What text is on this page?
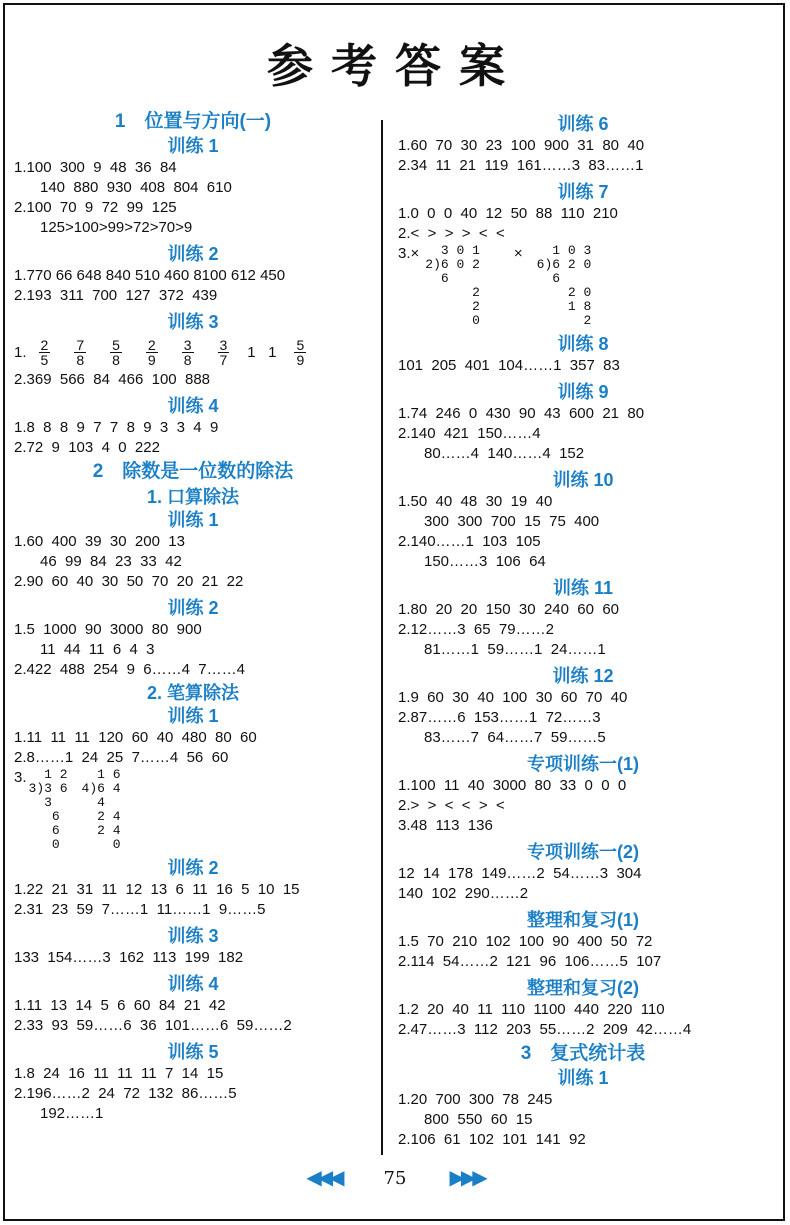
参考答案
1　位置与方向(一)
训练 1
1.100  300  9  48  36  84
140  880  930  408  804  610
2.100  70  9  72  99  125
125>100>99>72>70>9
训练 2
1.770 66 648 840 510 460 8100 612 450
2.193  311  700  127  372  439
训练 3
1. $\frac{2}{5} \frac{7}{8} \frac{5}{8} \frac{2}{9} \frac{3}{8} \frac{3}{7} 1$   $1 \frac{5}{9}$
2.369  566  84  466  100  888
训练 4
1.8  8  8  9  7  7  8  9  3  3  4  9
2.72  9  103  4  0  222
2　除数是一位数的除法
1. 口算除法
训练 1
1.60  400  39  30  200  13
46  99  84  23  33  42
2.90  60  40  30  50  70  20  21  22
训练 2
1.5  1000  90  3000  80  900
11  44  11  6  4  3
2.422  488  254  9  6……4  7……4
2. 笔算除法
训练 1
1.11  11  11  120  60  40  480  80  60
2.8……1  24  25  7……4  56  60
3.	1 2
3)3 6
3
6
6
0
1 6
4)6 4
4
2 4
2 4
0
训练 2
1.22  21  31  11  12  13  6  11  16  5  10  15
2.31  23  59  7……1  11……1  9……5
训练 3
133  154……3  162  113  199  182
训练 4
1.11  13  14  5  6  60  84  21  42
2.33  93  59……6  36  101……6  59……2
训练 5
1.8  24  16  11  11  11  7  14  15
2.196……2  24  72  132  86……5
192……1
训练 6
1.60  70  30  23  100  900  31  80  40
2.34  11  21  119  161……3  83……1
训练 7
1.0  0  0  40  12  50  88  110  210
2.<  >  >  >  <  <
3.×	3 0 1
2)6 0 2
6
2
2
0
×	1 0 3
6)6 2 0
6
2 0
1 8
2
训练 8
101  205  401  104……1  357  83
训练 9
1.74  246  0  430  90  43  600  21  80
2.140  421  150……4
80……4  140……4  152
训练 10
1.50  40  48  30  19  40
300  300  700  15  75  400
2.140……1  103  105
150……3  106  64
训练 11
1.80  20  20  150  30  240  60  60
2.12……3  65  79……2
81……1  59……1  24……1
训练 12
1.9  60  30  40  100  30  60  70  40
2.87……6  153……1  72……3
83……7  64……7  59……5
专项训练一(1)
1.100  11  40  3000  80  33  0  0  0
2.>  >  <  <  >  <
3.48  113  136
专项训练一(2)
12  14  178  149……2  54……3  304
140  102  290……2
整理和复习(1)
1.5  70  210  102  100  90  400  50  72
2.114  54……2  121  96  106……5  107
整理和复习(2)
1.2  20  40  11  110  1100  440  220  110
2.47……3  112  203  55……2  209  42……4
3　复式统计表
训练 1
1.20  700  300  78  245
800  550  60  15
2.106  61  102  101  141  92
◀◀◀ 75 ▶▶▶
